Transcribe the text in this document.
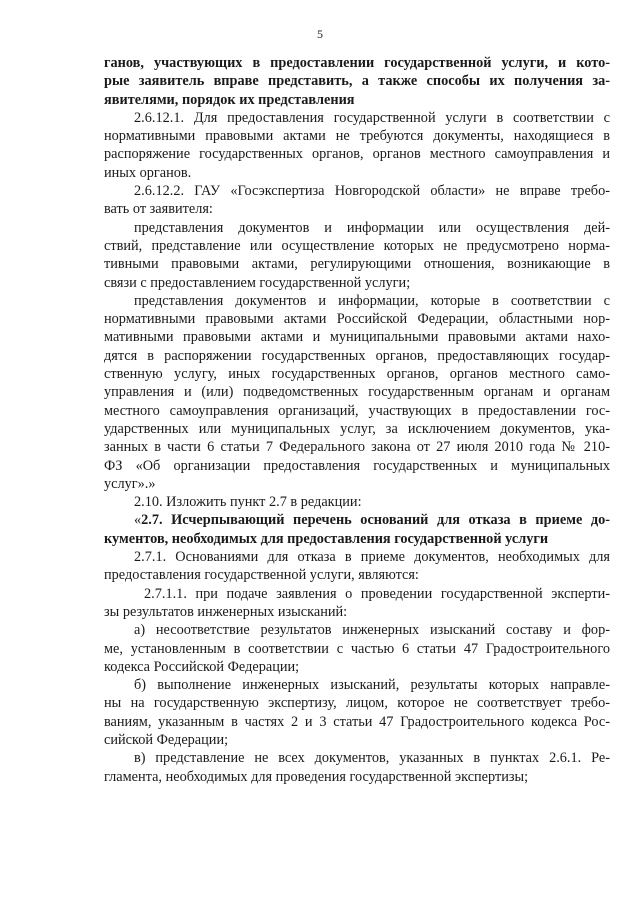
5
ганов, участвующих в предоставлении государственной услуги, и кото-
рые заявитель вправе представить, а также способы их получения за-
явителями, порядок их представления
2.6.12.1. Для предоставления государственной услуги в соответствии с
нормативными правовыми актами не требуются документы, находящиеся в
распоряжение государственных органов, органов местного самоуправления и
иных органов.
2.6.12.2. ГАУ «Госэкспертиза Новгородской области» не вправе требо-
вать от заявителя:
представления документов и информации или осуществления дей-
ствий, представление или осуществление которых не предусмотрено норма-
тивными правовыми актами, регулирующими отношения, возникающие в
связи с предоставлением государственной услуги;
представления документов и информации, которые в соответствии с
нормативными правовыми актами Российской Федерации, областными нор-
мативными правовыми актами и муниципальными правовыми актами нахо-
дятся в распоряжении государственных органов, предоставляющих государ-
ственную услугу, иных государственных органов, органов местного само-
управления и (или) подведомственных государственным органам и органам
местного самоуправления организаций, участвующих в предоставлении гос-
ударственных или муниципальных услуг, за исключением документов, ука-
занных в части 6 статьи 7 Федерального закона от 27 июля 2010 года № 210-
ФЗ «Об организации предоставления государственных и муниципальных
услуг».»
2.10. Изложить пункт 2.7 в редакции:
«2.7. Исчерпывающий перечень оснований для отказа в приеме до-
кументов, необходимых для предоставления государственной услуги
2.7.1. Основаниями для отказа в приеме документов, необходимых для
предоставления государственной услуги, являются:
2.7.1.1. при подаче заявления о проведении государственной эксперти-
зы результатов инженерных изысканий:
а) несоответствие результатов инженерных изысканий составу и фор-
ме, установленным в соответствии с частью 6 статьи 47 Градостроительного
кодекса Российской Федерации;
б) выполнение инженерных изысканий, результаты которых направле-
ны на государственную экспертизу, лицом, которое не соответствует требо-
ваниям, указанным в частях 2 и 3 статьи 47 Градостроительного кодекса Рос-
сийской Федерации;
в) представление не всех документов, указанных в пунктах 2.6.1. Ре-
гламента, необходимых для проведения государственной экспертизы;
